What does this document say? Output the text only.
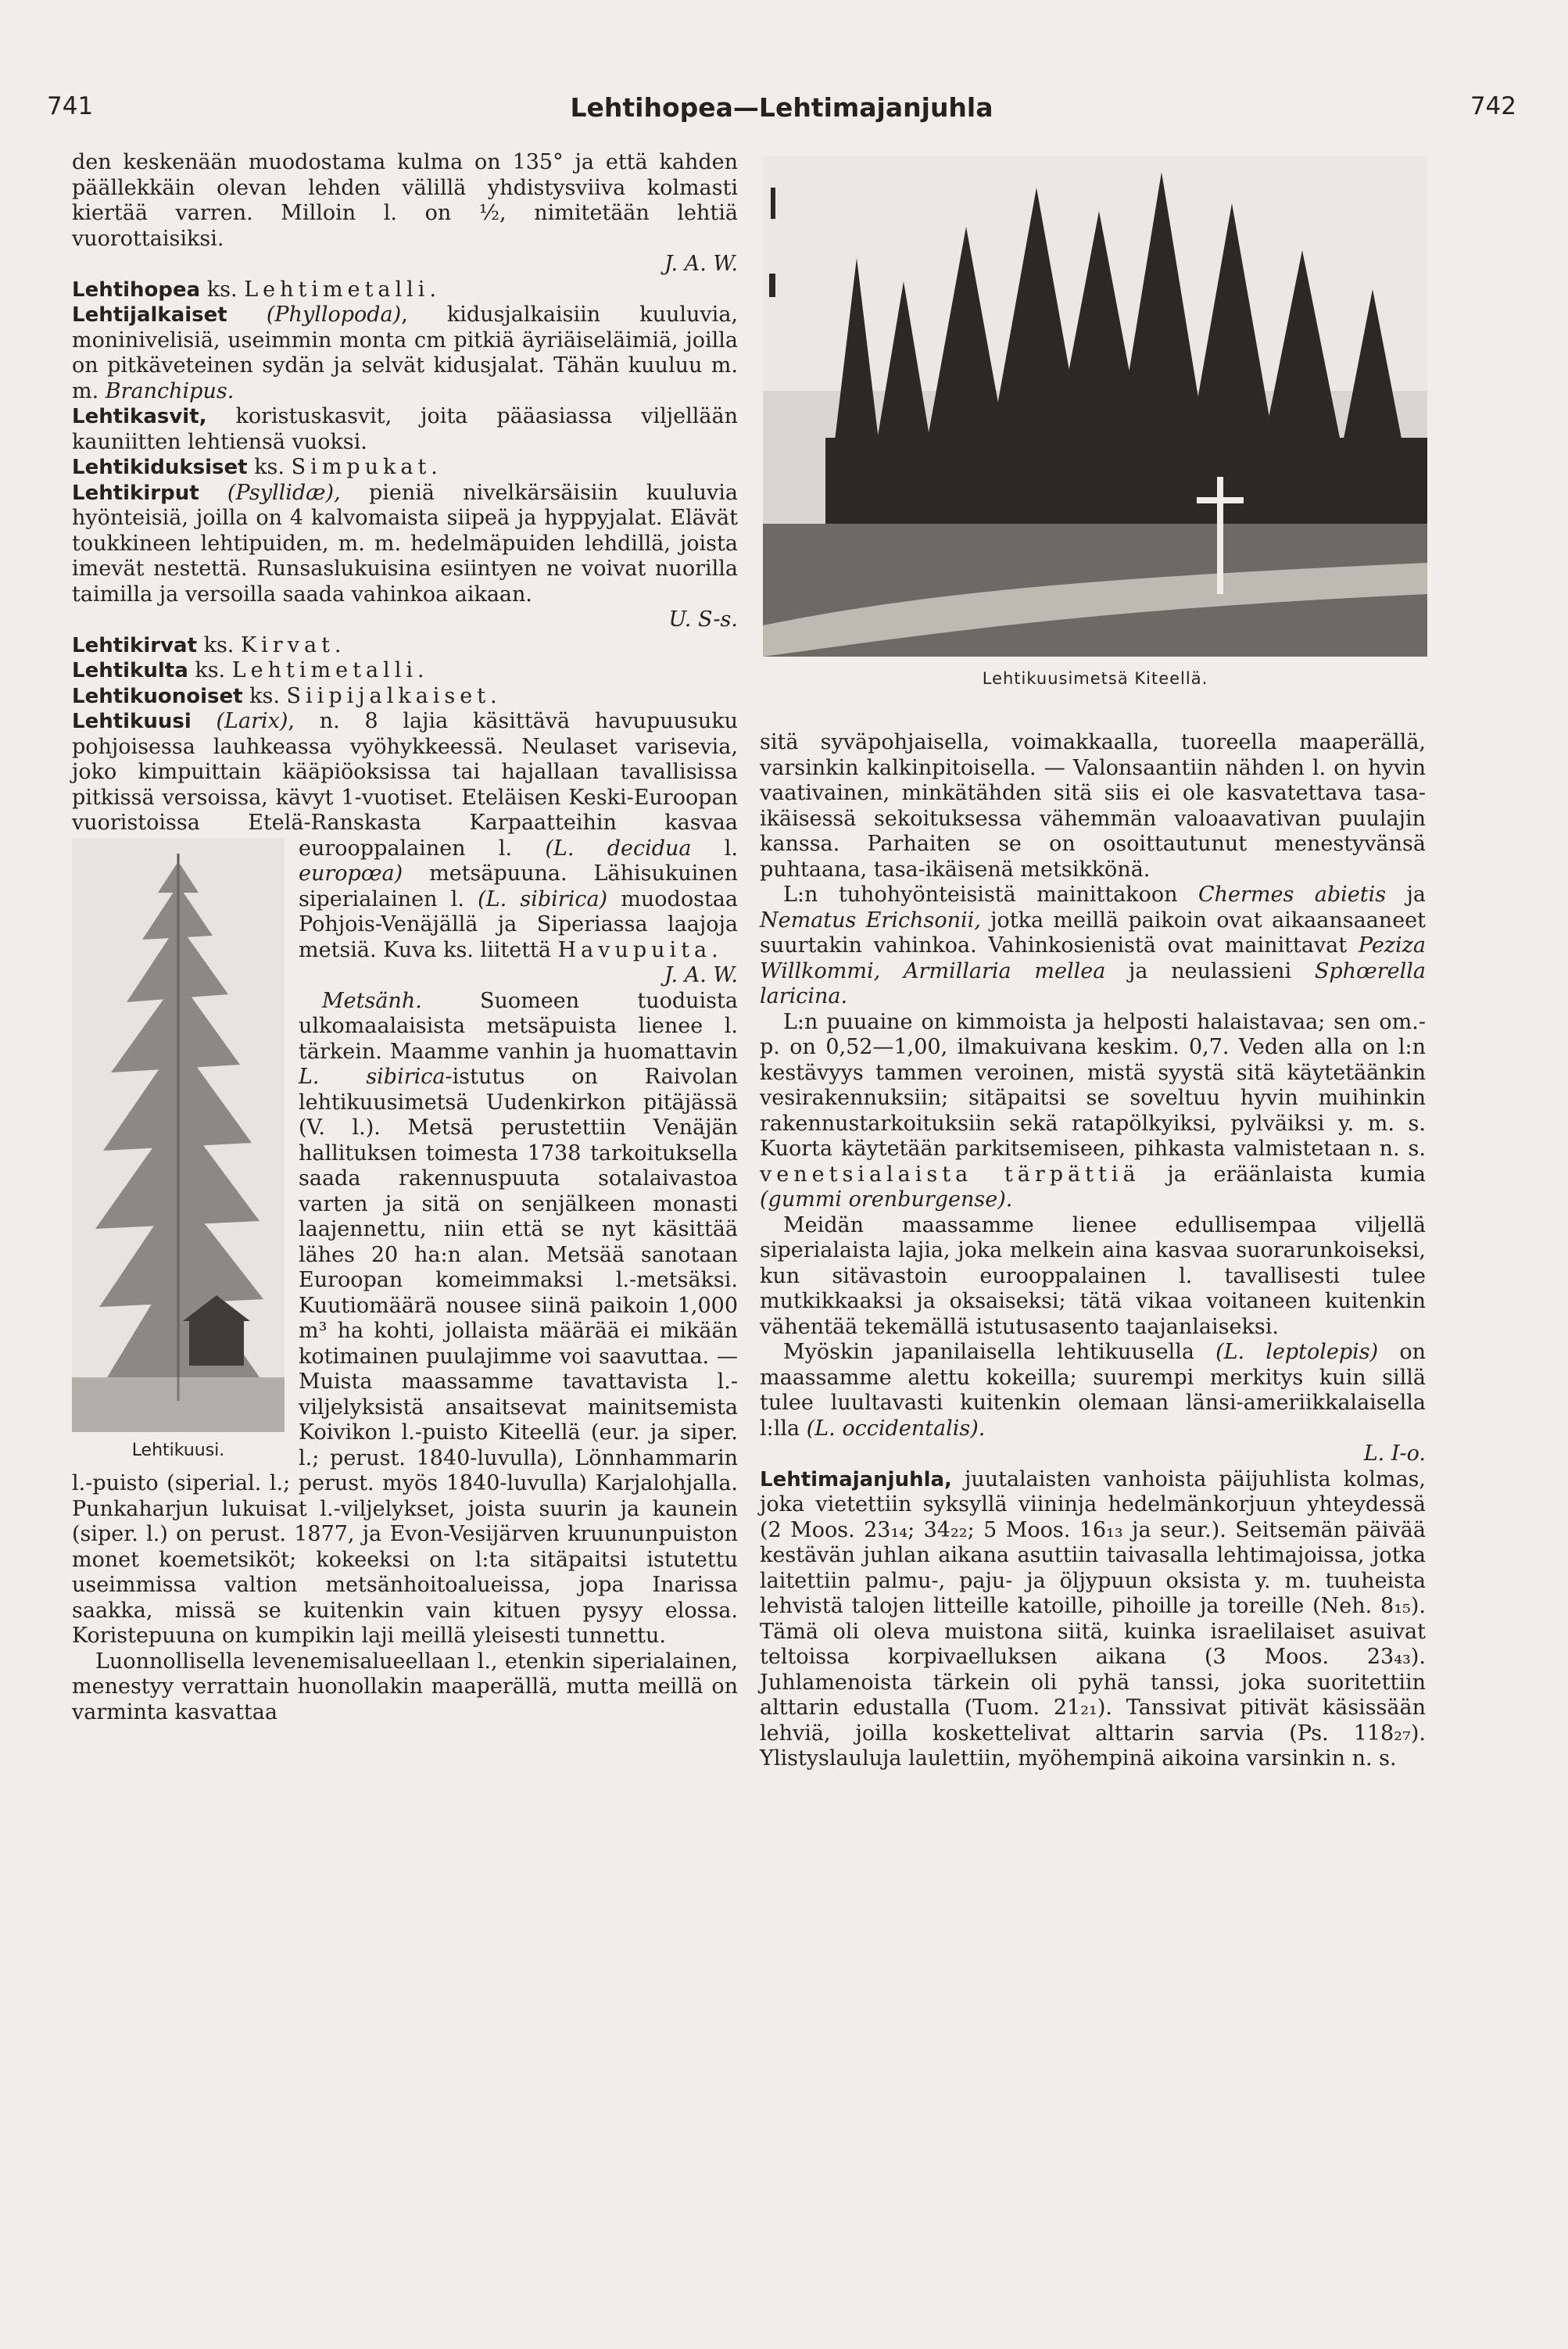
741	Lehtihopea—Lehtimajanjuhla	742

den keskenään muodostama kulma on 135° ja että kahden päällekkäin olevan lehden välillä yhdistysviiva kolmasti kiertää varren. Milloin l. on ½, nimitetään lehtiä vuorottaisiksi.
J. A. W.

Lehtihopea ks. Lehtimetalli.

Lehtijalkaiset (Phyllopoda), kidusjalkaisiin kuuluvia, moninivelisiä, useimmin monta cm pitkiä äyriäiseläimiä, joilla on pitkäveteinen sydän ja selvät kidusjalat. Tähän kuuluu m. m. Branchipus.

Lehtikasvit, koristuskasvit, joita pääasiassa viljellään kauniitten lehtiensä vuoksi.

Lehtikiduksiset ks. Simpukat.

Lehtikirput (Psyllidæ), pieniä nivelkärsäisiin kuuluvia hyönteisiä, joilla on 4 kalvomaista siipeä ja hyppyjalat. Elävät toukkineen lehtipuiden, m. m. hedelmäpuiden lehdillä, joista imevät nestettä. Runsaslukuisina esiintyen ne voivat nuorilla taimilla ja versoilla saada vahinkoa aikaan.
U. S-s.

Lehtikirvat ks. Kirvat.

Lehtikulta ks. Lehtimetalli.

Lehtikuonoiset ks. Siipijalkaiset.

Lehtikuusi (Larix), n. 8 lajia käsittävä havupuusuku pohjoisessa lauhkeassa vyöhykkeessä. Neulaset varisevia, joko kimpuittain kääpiöoksissa tai hajallaan tavallisissa pitkissä versoissa, kävyt 1-vuotiset. Eteläisen Keski-Euroopan vuoristoissa Etelä-Ranskasta Karpaatteihin kasvaa eurooppalainen l.
Lehtikuusi.
(L. decidua l. europœa) metsäpuuna. Lähisukuinen siperialainen l. (L. sibirica) muodostaa Pohjois-Venäjällä ja Siperiassa laajoja metsiä. Kuva ks. liitettä Havupuita.
J. A. W.

Metsänh.	Suomeen tuoduista ulkomaalaisista metsäpuista lienee l. tärkein. Maamme vanhin ja huomattavin L. sibirica-istutus on Raivolan lehtikuusimetsä Uudenkirkon pitäjässä (V. l.). Metsä perustettiin Venäjän hallituksen toimesta 1738 tarkoituksella saada rakennuspuuta sotalaivastoa varten ja sitä on senjälkeen monasti laajennettu, niin että se nyt käsittää lähes 20 ha:n alan. Metsää sanotaan Euroopan komeimmaksi l.-metsäksi. Kuutiomäärä nousee siinä paikoin 1,000 m³ ha kohti, jollaista määrää ei mikään kotimainen puulajimme voi saavuttaa. — Muista maassamme tavattavista l.-viljelyksistä ansaitsevat mainitsemista Koivikon l.-puisto Kiteellä (eur. ja siper. l.; perust. 1840-luvulla), Lönnhammarin l.-puisto (siperial. l.; perust. myös 1840-luvulla) Karjalohjalla. Punkaharjun lukuisat l.-viljelykset, joista suurin ja kaunein (siper. l.) on perust. 1877, ja Evon-Vesijärven kruununpuiston monet koemetsiköt; kokeeksi on l:ta sitäpaitsi istutettu useimmissa valtion metsänhoitoalueissa, jopa Inarissa saakka, missä se kuitenkin vain kituen pysyy elossa. Koristepuuna on kumpikin laji meillä yleisesti tunnettu.

Luonnollisella levenemisalueellaan l., etenkin siperialainen, menestyy verrattain huonollakin maaperällä, mutta meillä on varminta kasvattaa

Lehtikuusimetsä Kiteellä.

sitä syväpohjaisella, voimakkaalla, tuoreella maaperällä, varsinkin kalkinpitoisella. — Valonsaantiin nähden l. on hyvin vaativainen, minkätähden sitä siis ei ole kasvatettava tasa-ikäisessä sekoituksessa vähemmän valoaavativan puulajin kanssa. Parhaiten se on osoittautunut menestyvänsä puhtaana, tasa-ikäisenä metsikkönä.

L:n tuhohyönteisistä mainittakoon Chermes abietis ja Nematus Erichsonii, jotka meillä paikoin ovat aikaansaaneet suurtakin vahinkoa. Vahinkosienistä ovat mainittavat Peziza Willkommi, Armillaria mellea ja neulassieni Sphœrella laricina.

L:n puuaine on kimmoista ja helposti halaistavaa; sen om.-p. on 0,52—1,00, ilmakuivana keskim. 0,7. Veden alla on l:n kestävyys tammen veroinen, mistä syystä sitä käytetäänkin vesirakennuksiin; sitäpaitsi se soveltuu hyvin muihinkin rakennustarkoituksiin sekä ratapölkyiksi, pylväiksi y. m. s. Kuorta käytetään parkitsemiseen, pihkasta valmistetaan n. s. venetsialaista tärpättiä ja eräänlaista kumia (gummi orenburgense).

Meidän maassamme lienee edullisempaa viljellä siperialaista lajia, joka melkein aina kasvaa suorarunkoiseksi, kun sitävastoin eurooppalainen l. tavallisesti tulee mutkikkaaksi ja oksaiseksi; tätä vikaa voitaneen kuitenkin vähentää tekemällä istutusasento taajanlaiseksi.

Myöskin japanilaisella lehtikuusella (L. leptolepis) on maassamme alettu kokeilla; suurempi merkitys kuin sillä tulee luultavasti kuitenkin olemaan länsi-ameriikkalaisella l:lla (L. occidentalis).
L. I-o.

Lehtimajanjuhla, juutalaisten vanhoista päijuhlista kolmas, joka vietettiin syksyllä viininja hedelmänkorjuun yhteydessä (2 Moos. 23₁₄; 34₂₂; 5 Moos. 16₁₃ ja seur.). Seitsemän päivää kestävän juhlan aikana asuttiin taivasalla lehtimajoissa, jotka laitettiin palmu-, paju- ja öljypuun oksista y. m. tuuheista lehvistä talojen litteille katoille, pihoille ja toreille (Neh. 8₁₅). Tämä oli oleva muistona siitä, kuinka israelilaiset asuivat teltoissa korpivaelluksen aikana (3 Moos. 23₄₃). Juhlamenoista tärkein oli pyhä tanssi, joka suoritettiin alttarin edustalla (Tuom. 21₂₁). Tanssivat pitivät käsissään lehviä, joilla koskettelivat alttarin sarvia (Ps. 118₂₇). Ylistyslauluja laulettiin, myöhempinä aikoina varsinkin n. s.
